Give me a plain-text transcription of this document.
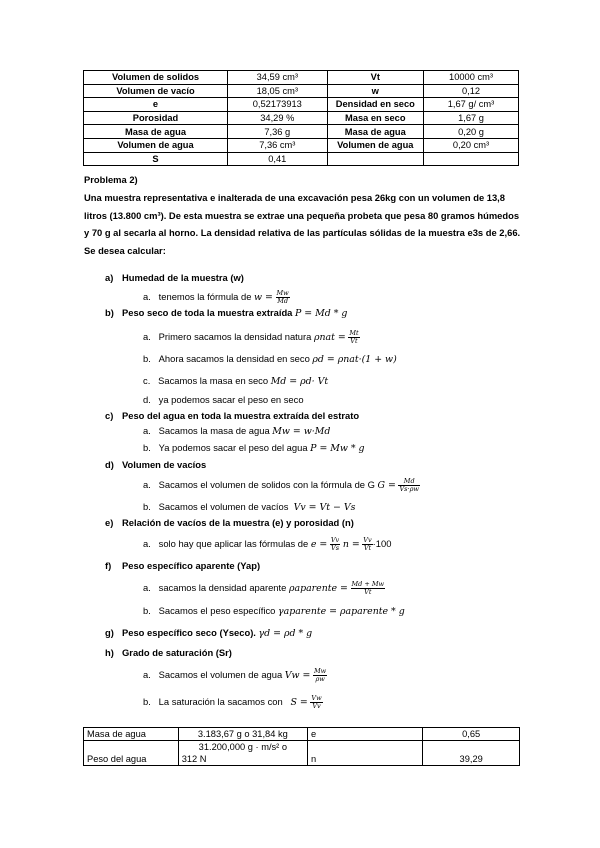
Volumen de solidos	34,59 cm³	Vt	10000 cm³
Volumen de vacío	18,05 cm³	w	0,12
e	0,52173913	Densidad en seco	1,67 g/ cm³
Porosidad	34,29 %	Masa en seco	1,67 g
Masa de agua	7,36 g	Masa de agua	0,20 g
Volumen de agua	7,36 cm³	Volumen de agua	0,20 cm³
S	0,41		
Problema 2)
Una muestra representativa e inalterada de una excavación pesa 26kg con un volumen de 13,8 litros (13.800 cm³). De esta muestra se extrae una pequeña probeta que pesa 80 gramos húmedos y 70 g al secarla al horno. La densidad relativa de las partículas sólidas de la muestra e3s de 2,66. Se desea calcular:
a) Humedad de la muestra (w)
a. tenemos la fórmula de $w = \frac{Mw}{Md}$
b) Peso seco de toda la muestra extraída P = Md * g
a. Primero sacamos la densidad natura $\rho nat = \frac{Mt}{Vt}$
b. Ahora sacamos la densidad en seco ρd = ρnat·(1 + w)
c. Sacamos la masa en seco Md = ρd· Vt
d. ya podemos sacar el peso en seco
c) Peso del agua en toda la muestra extraída del estrato
a. Sacamos la masa de agua Mw = w·Md
b. Ya podemos sacar el peso del agua P = Mw * g
d) Volumen de vacíos
a. Sacamos el volumen de solidos con la fórmula de G $G = \frac{Md}{Vs\cdot\rho w}$
b. Sacamos el volumen de vacíos Vv = Vt − Vs
e) Relación de vacíos de la muestra (e) y porosidad (n)
a. solo hay que aplicar las fórmulas de $e = \frac{Vv}{Vs}$ $n = \frac{Vv}{Vt} \cdot 100$
f) Peso específico aparente (Yap)
a. sacamos la densidad aparente ρaparente = $\frac{Md + Mw}{Vt}$
b. Sacamos el peso específico γaparente = ρaparente * g
g) Peso específico seco (Yseco). γd = ρd * g
h) Grado de saturación (Sr)
a. Sacamos el volumen de agua $Vw = \frac{Mw}{\rho w}$
b. La saturación la sacamos con $S = \frac{Vw}{Vv}$
Masa de agua	3.183,67 g o 31,84 kg	e	0,65
Peso del agua	31.200,000 g · m/s² o
312 N	n	39,29
